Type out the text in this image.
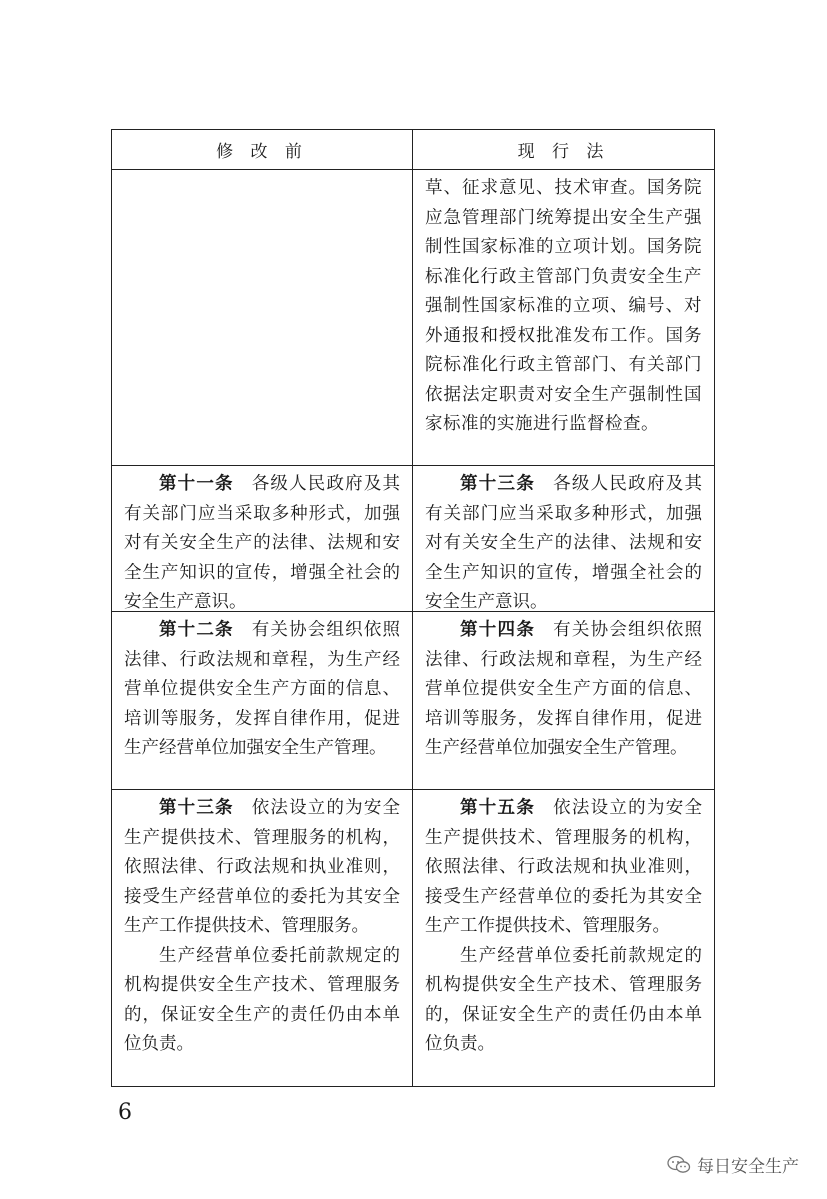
修 改 前	现 行 法

草、征求意见、技术审查。国务院应急管理部门统筹提出安全生产强制性国家标准的立项计划。国务院标准化行政主管部门负责安全生产强制性国家标准的立项、编号、对外通报和授权批准发布工作。国务院标准化行政主管部门、有关部门依据法定职责对安全生产强制性国家标准的实施进行监督检查。

第十一条 各级人民政府及其有关部门应当采取多种形式，加强对有关安全生产的法律、法规和安全生产知识的宣传，增强全社会的安全生产意识。

第十三条 各级人民政府及其有关部门应当采取多种形式，加强对有关安全生产的法律、法规和安全生产知识的宣传，增强全社会的安全生产意识。

第十二条 有关协会组织依照法律、行政法规和章程，为生产经营单位提供安全生产方面的信息、培训等服务，发挥自律作用，促进生产经营单位加强安全生产管理。

第十四条 有关协会组织依照法律、行政法规和章程，为生产经营单位提供安全生产方面的信息、培训等服务，发挥自律作用，促进生产经营单位加强安全生产管理。

第十三条 依法设立的为安全生产提供技术、管理服务的机构，依照法律、行政法规和执业准则，接受生产经营单位的委托为其安全生产工作提供技术、管理服务。

生产经营单位委托前款规定的机构提供安全生产技术、管理服务的，保证安全生产的责任仍由本单位负责。

第十五条 依法设立的为安全生产提供技术、管理服务的机构，依照法律、行政法规和执业准则，接受生产经营单位的委托为其安全生产工作提供技术、管理服务。

生产经营单位委托前款规定的机构提供安全生产技术、管理服务的，保证安全生产的责任仍由本单位负责。

6
每日安全生产
